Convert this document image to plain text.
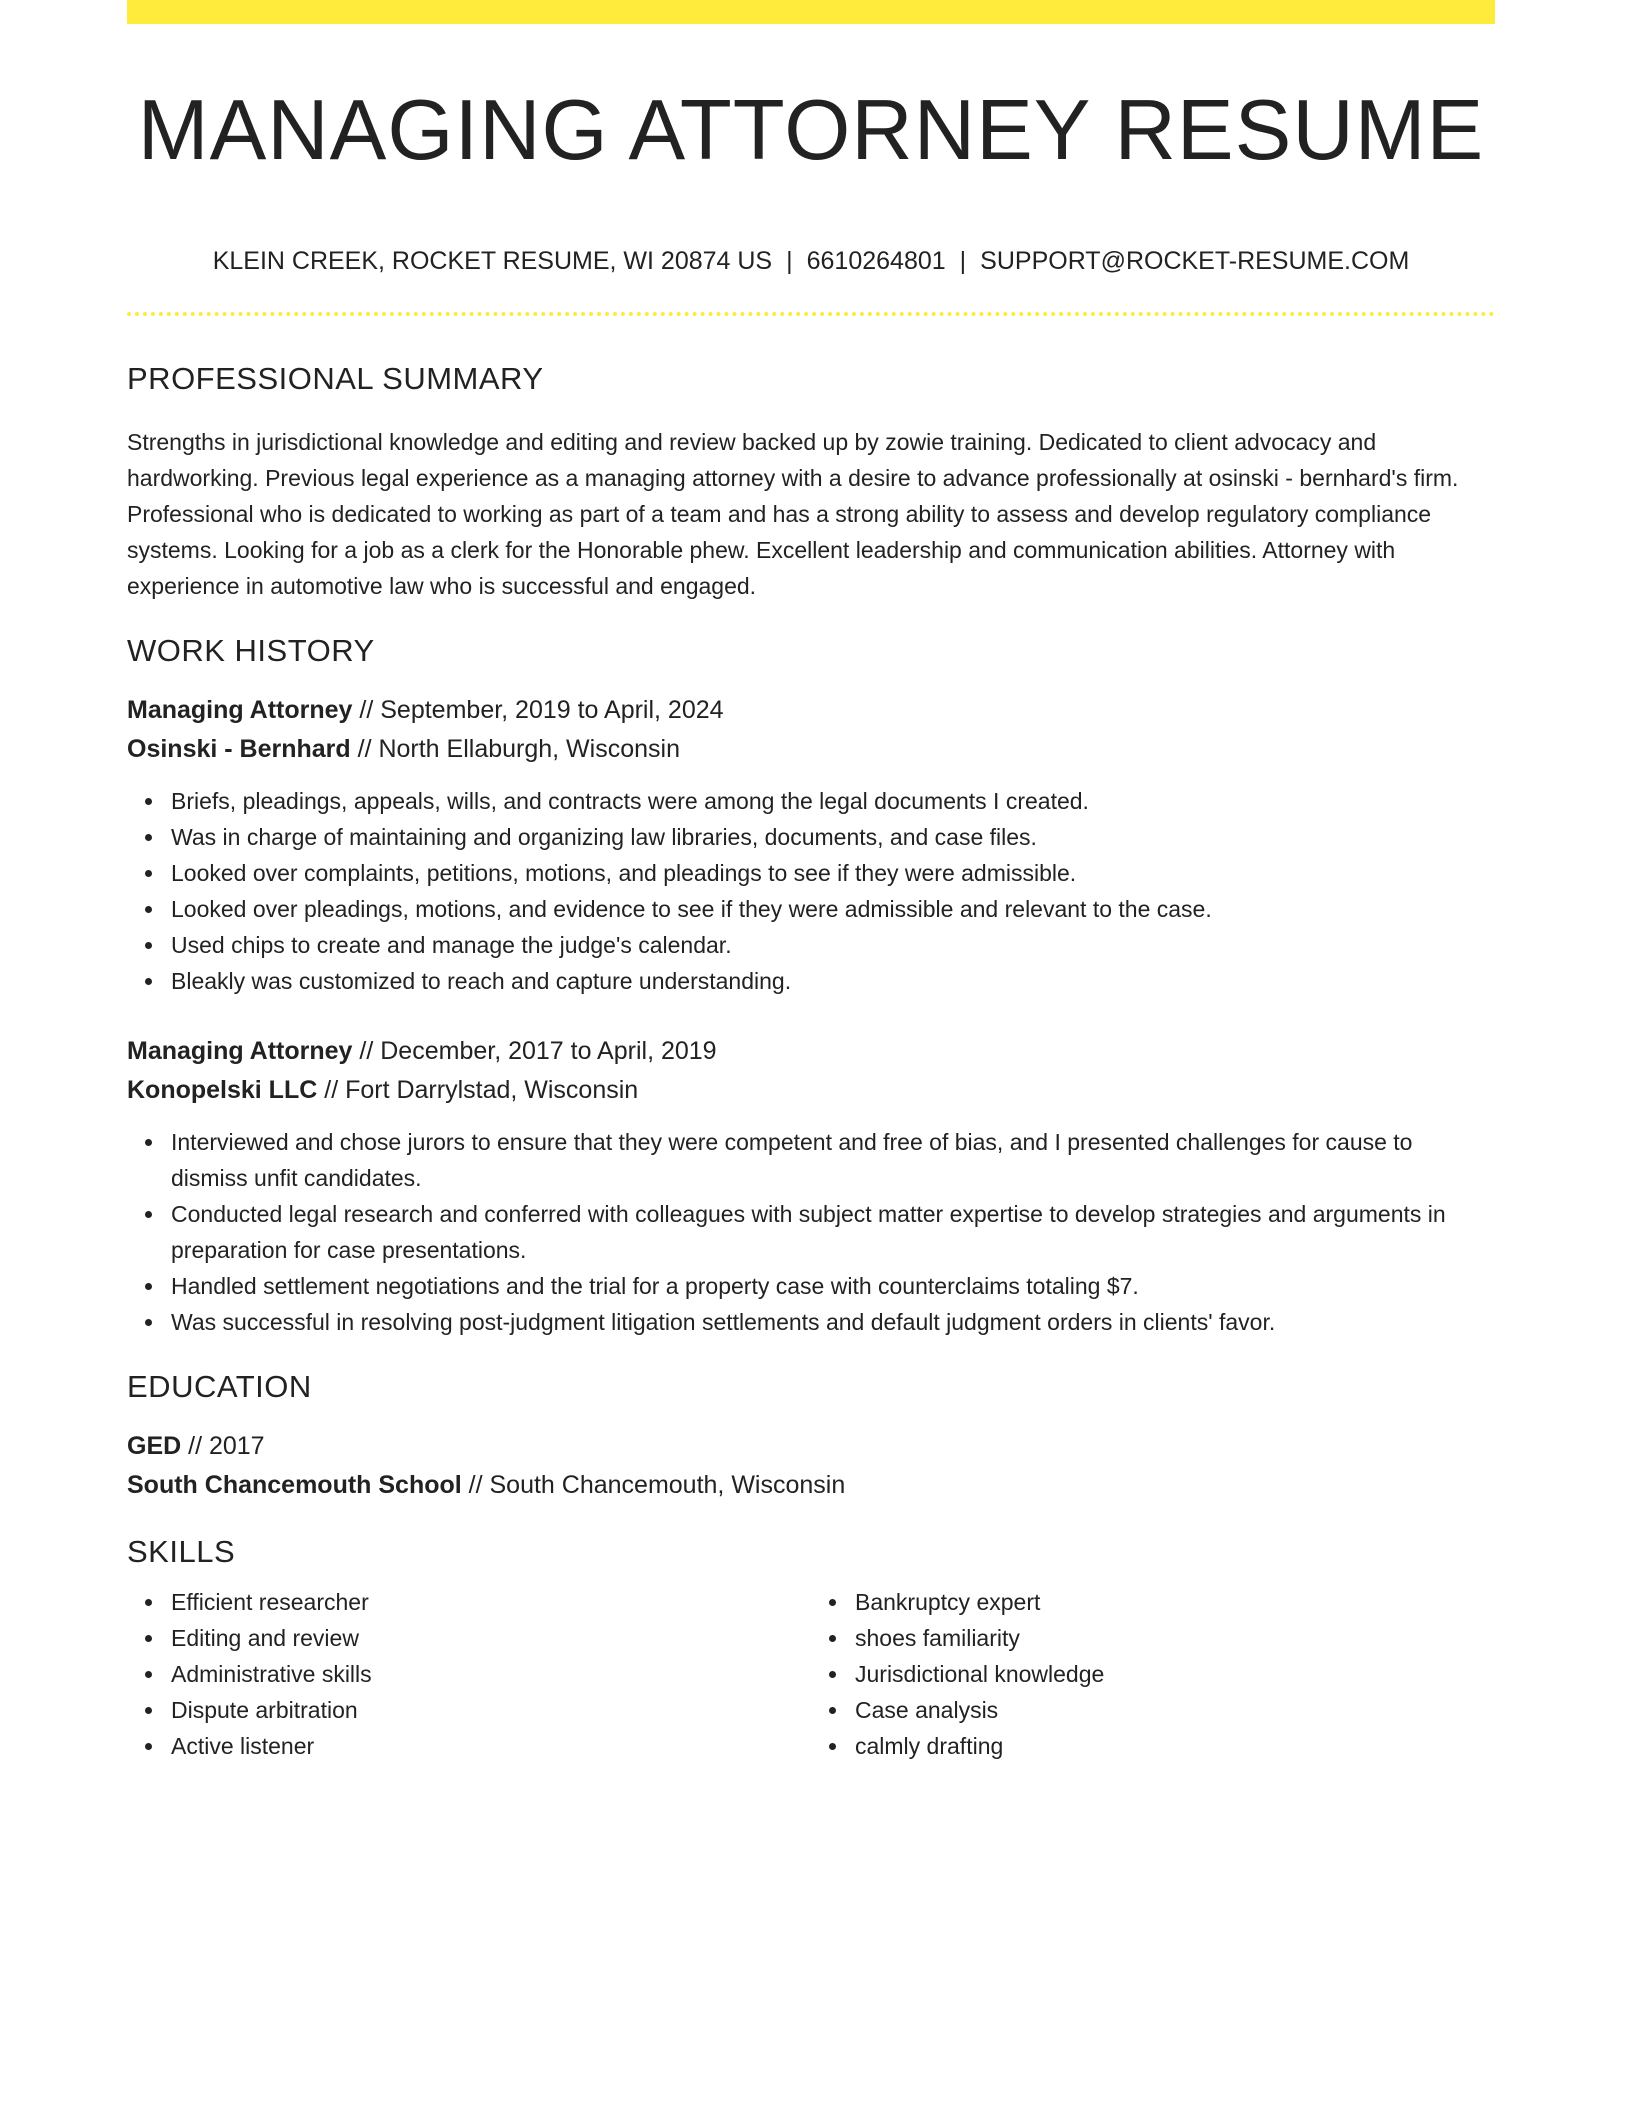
MANAGING ATTORNEY RESUME
KLEIN CREEK, ROCKET RESUME, WI 20874 US | 6610264801 | SUPPORT@ROCKET-RESUME.COM
PROFESSIONAL SUMMARY
Strengths in jurisdictional knowledge and editing and review backed up by zowie training. Dedicated to client advocacy and hardworking. Previous legal experience as a managing attorney with a desire to advance professionally at osinski - bernhard's firm. Professional who is dedicated to working as part of a team and has a strong ability to assess and develop regulatory compliance systems. Looking for a job as a clerk for the Honorable phew. Excellent leadership and communication abilities. Attorney with experience in automotive law who is successful and engaged.
WORK HISTORY
Managing Attorney // September, 2019 to April, 2024
Osinski - Bernhard // North Ellaburgh, Wisconsin
Briefs, pleadings, appeals, wills, and contracts were among the legal documents I created.
Was in charge of maintaining and organizing law libraries, documents, and case files.
Looked over complaints, petitions, motions, and pleadings to see if they were admissible.
Looked over pleadings, motions, and evidence to see if they were admissible and relevant to the case.
Used chips to create and manage the judge's calendar.
Bleakly was customized to reach and capture understanding.
Managing Attorney // December, 2017 to April, 2019
Konopelski LLC // Fort Darrylstad, Wisconsin
Interviewed and chose jurors to ensure that they were competent and free of bias, and I presented challenges for cause to dismiss unfit candidates.
Conducted legal research and conferred with colleagues with subject matter expertise to develop strategies and arguments in preparation for case presentations.
Handled settlement negotiations and the trial for a property case with counterclaims totaling $7.
Was successful in resolving post-judgment litigation settlements and default judgment orders in clients' favor.
EDUCATION
GED // 2017
South Chancemouth School // South Chancemouth, Wisconsin
SKILLS
Efficient researcher
Editing and review
Administrative skills
Dispute arbitration
Active listener
Bankruptcy expert
shoes familiarity
Jurisdictional knowledge
Case analysis
calmly drafting
